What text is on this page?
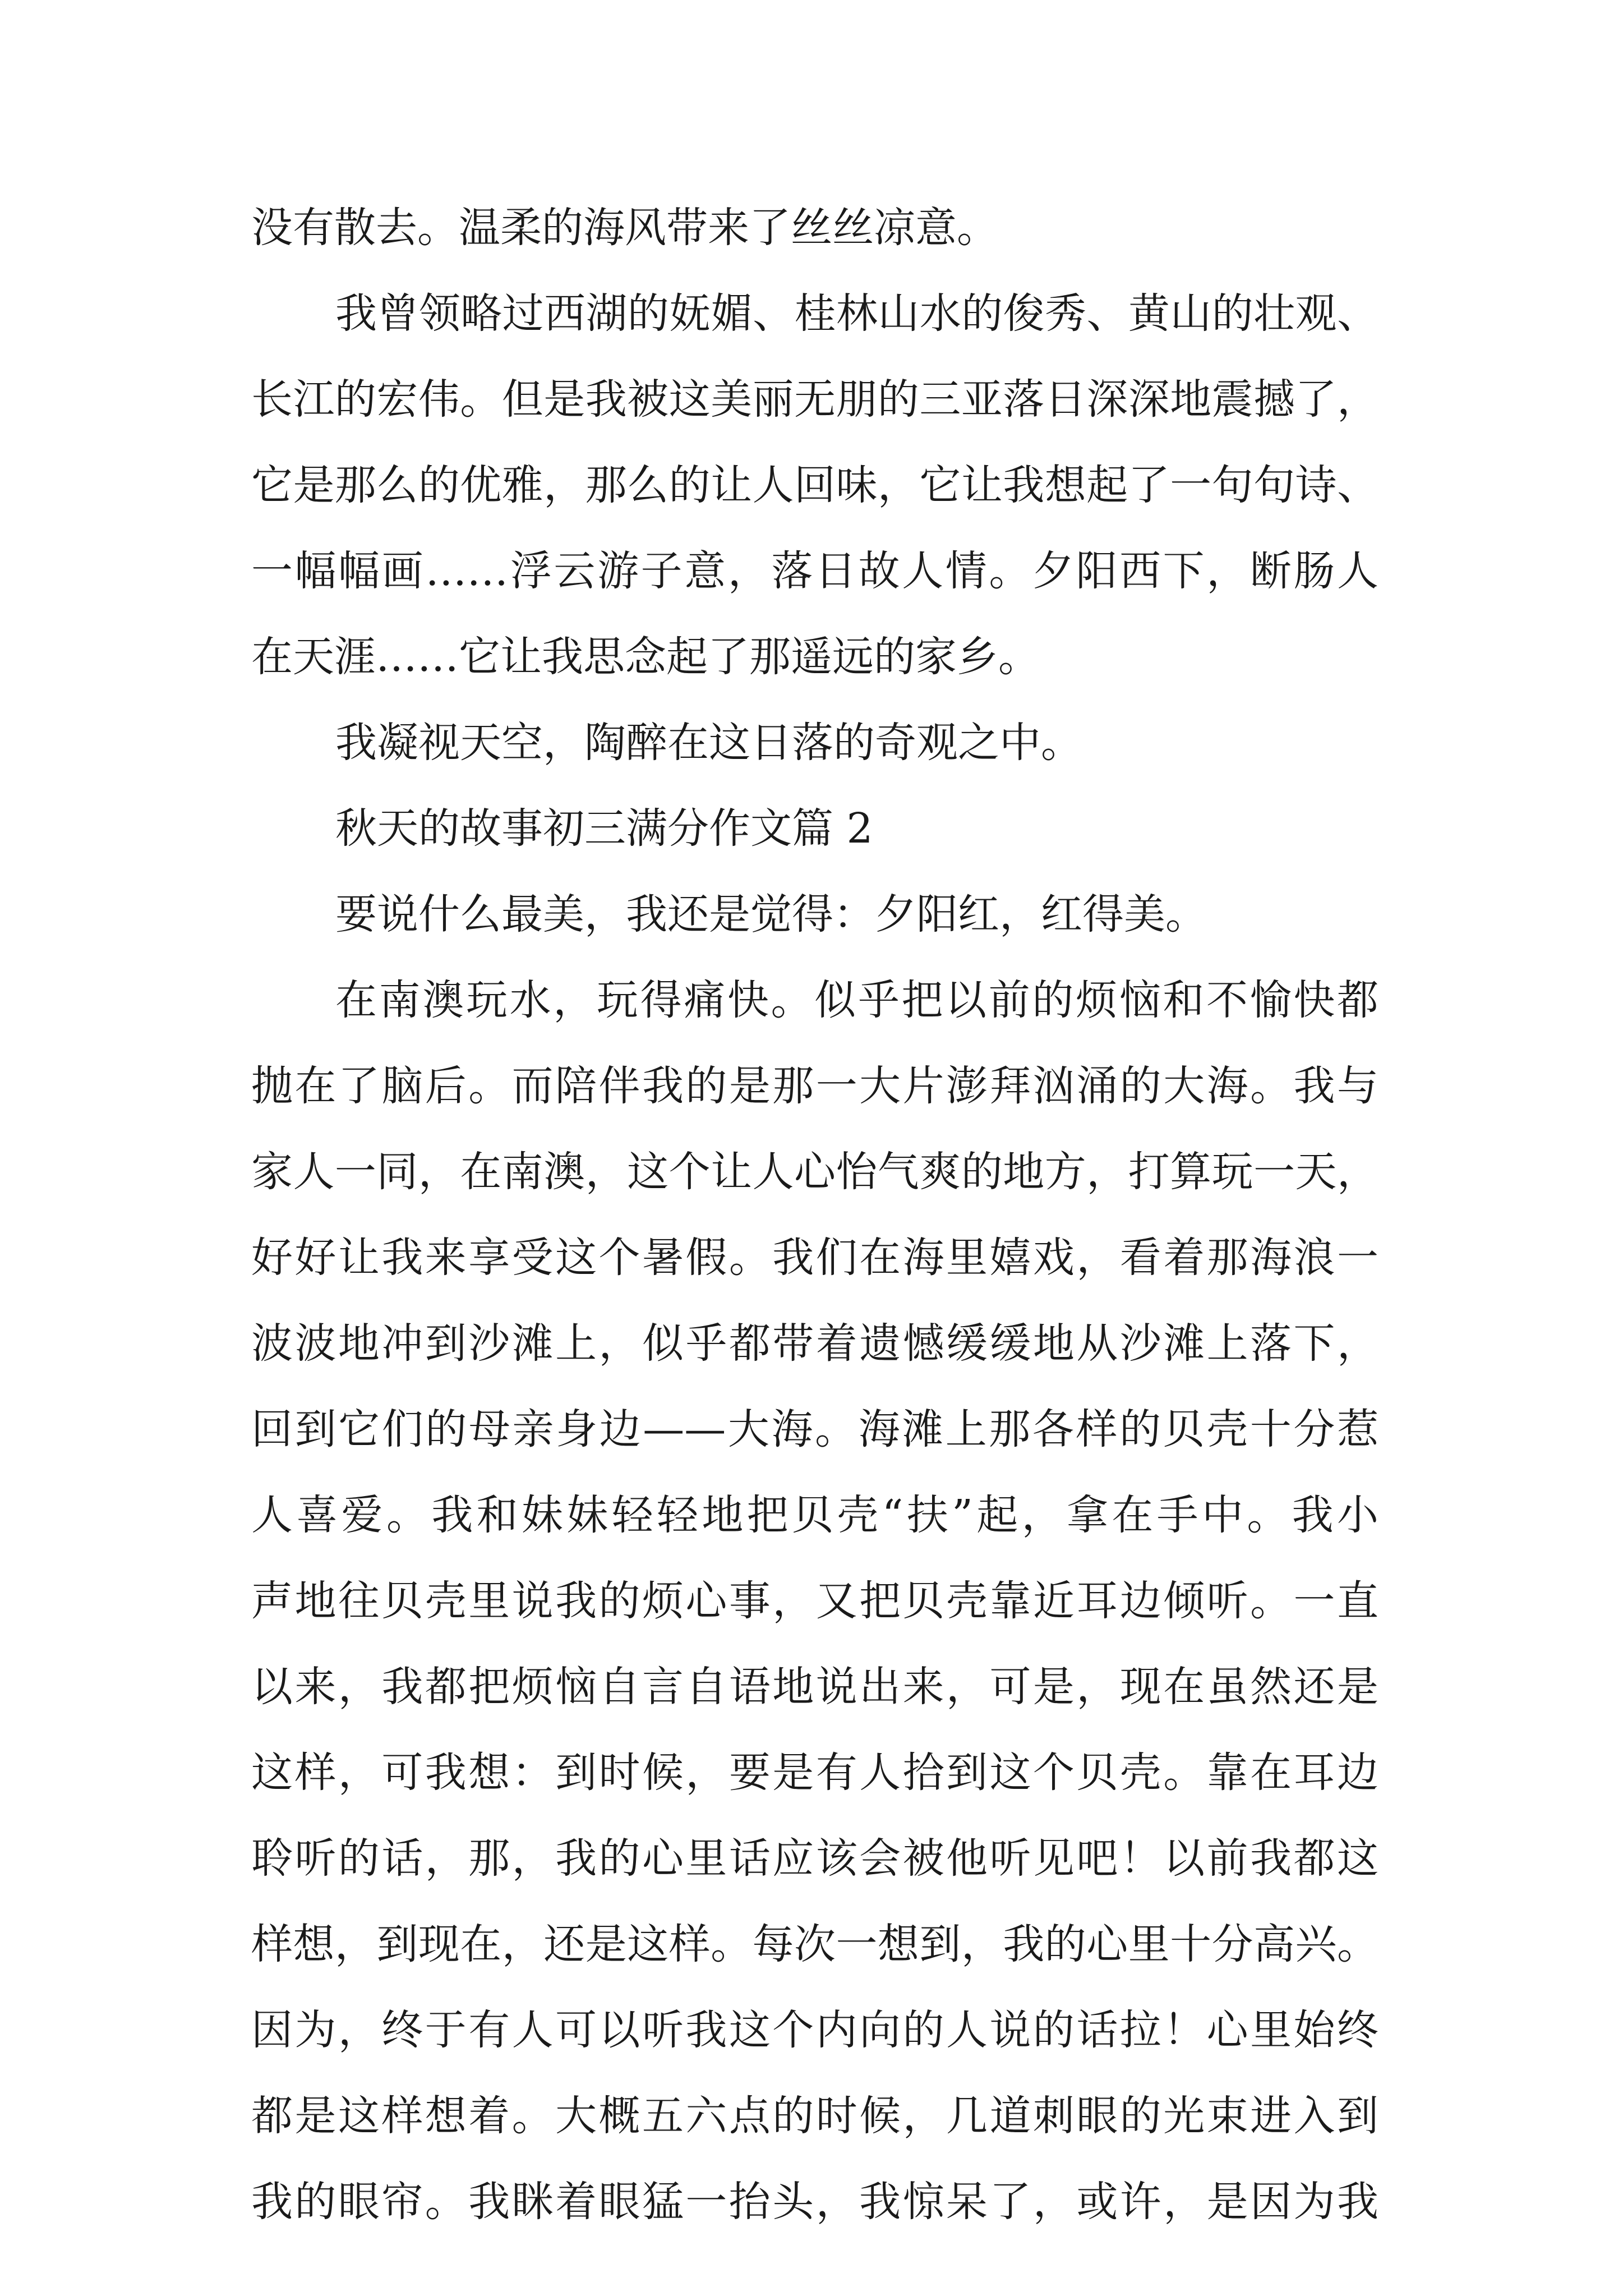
没有散去。温柔的海风带来了丝丝凉意。
我曾领略过西湖的妩媚、桂林山水的俊秀、黄山的壮观、
长江的宏伟。但是我被这美丽无朋的三亚落日深深地震撼了，
它是那么的优雅，那么的让人回味，它让我想起了一句句诗、
一幅幅画……浮云游子意，落日故人情。夕阳西下，断肠人
在天涯……它让我思念起了那遥远的家乡。
我凝视天空，陶醉在这日落的奇观之中。
秋天的故事初三满分作文篇 2
要说什么最美，我还是觉得：夕阳红，红得美。
在南澳玩水，玩得痛快。似乎把以前的烦恼和不愉快都
抛在了脑后。而陪伴我的是那一大片澎拜汹涌的大海。我与
家人一同，在南澳，这个让人心怡气爽的地方，打算玩一天，
好好让我来享受这个暑假。我们在海里嬉戏，看着那海浪一
波波地冲到沙滩上，似乎都带着遗憾缓缓地从沙滩上落下，
回到它们的母亲身边——大海。海滩上那各样的贝壳十分惹
人喜爱。我和妹妹轻轻地把贝壳“扶”起，拿在手中。我小
声地往贝壳里说我的烦心事，又把贝壳靠近耳边倾听。一直
以来，我都把烦恼自言自语地说出来，可是，现在虽然还是
这样，可我想：到时候，要是有人拾到这个贝壳。靠在耳边
聆听的话，那，我的心里话应该会被他听见吧！以前我都这
样想，到现在，还是这样。每次一想到，我的心里十分高兴。
因为，终于有人可以听我这个内向的人说的话拉！心里始终
都是这样想着。大概五六点的时候，几道刺眼的光束进入到
我的眼帘。我眯着眼猛一抬头，我惊呆了，或许，是因为我
